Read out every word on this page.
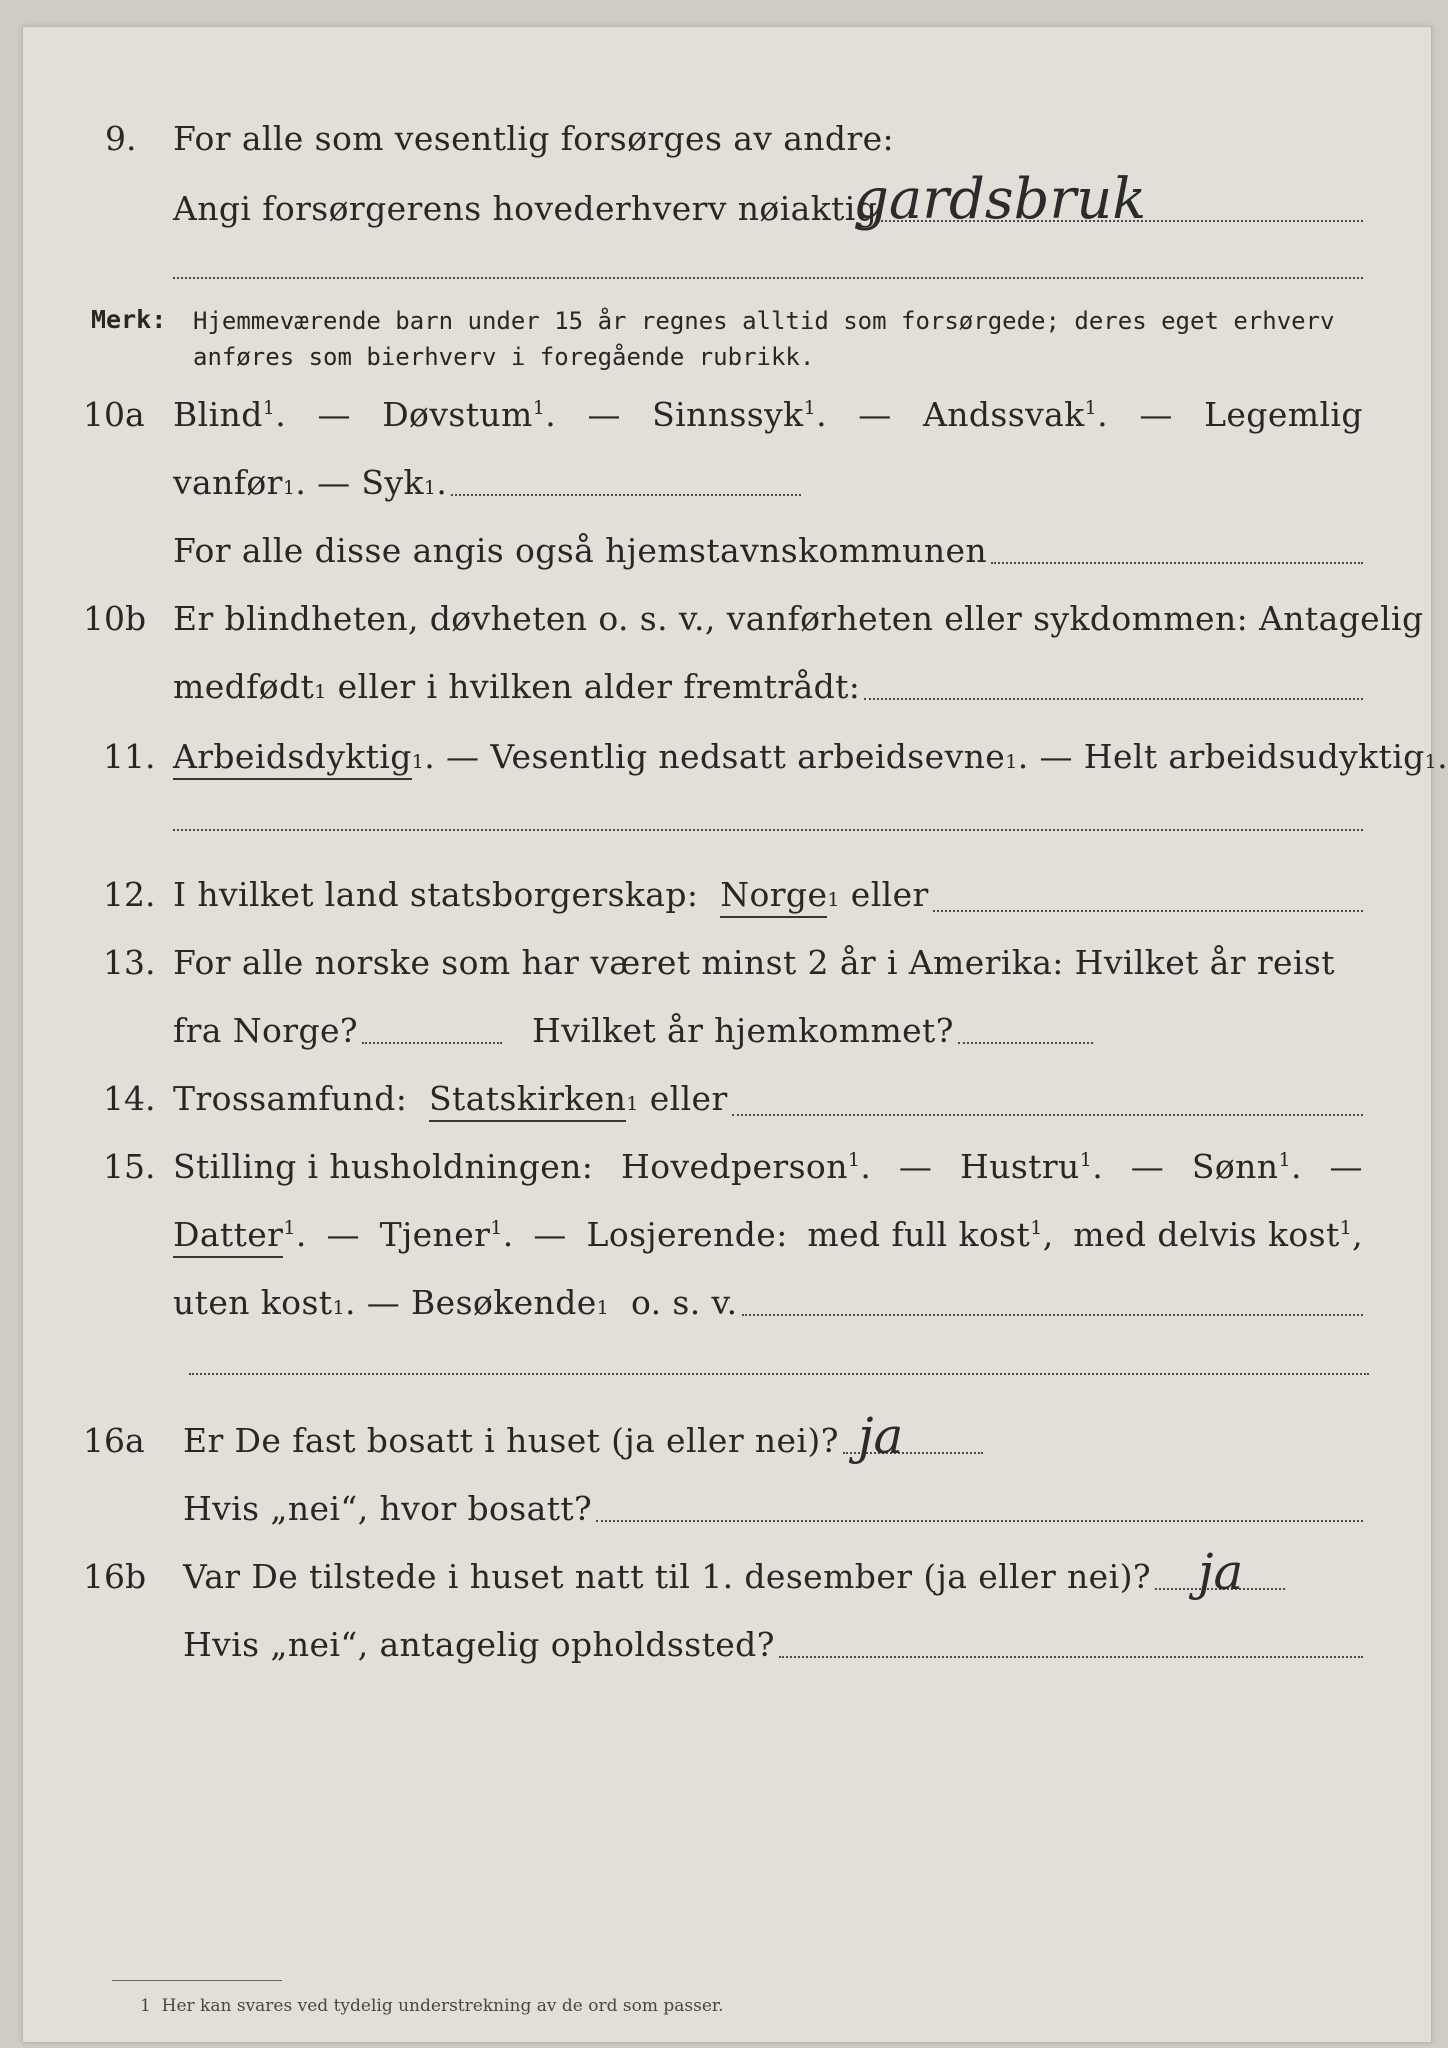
9. For alle som vesentlig forsørges av andre:
Angi forsørgerens hovederhverv nøiaktig
gardsbruk
Merk: Hjemmeværende barn under 15 år regnes alltid som forsørgede; deres eget erhverv
anføres som bierhverv i foregående rubrikk.
10a Blind$^1$. — Døvstum$^1$. — Sinnssyk$^1$. — Andssvak$^1$. — Legemlig
vanfør 1 . — Syk 1 .
For alle disse angis også hjemstavnskommunen
10b Er blindheten, døvheten o. s. v., vanførheten eller sykdommen: Antagelig
medfødt 1
eller i hvilken alder fremtrådt:
11. Arbeidsdyktig 1 . — Vesentlig nedsatt arbeidsevne 1 . — Helt arbeidsudyktig 1 .
12. I hvilket land statsborgerskap:
Norge 1
eller
13. For alle norske som har været minst 2 år i Amerika: Hvilket år reist
fra Norge?	Hvilket år hjemkommet?
14. Trossamfund:
Statskirken 1
eller
15. Stilling i husholdningen: Hovedperson$^1$. — Hustru$^1$. — Sønn$^1$. —
Datter$^1$. — Tjener$^1$. — Losjerende: med full kost$^1$, med delvis kost$^1$,
uten kost 1 . — Besøkende 1
o. s. v.
16a Er De fast bosatt i huset (ja eller nei)? ja
Hvis „nei“, hvor bosatt?
16b Var De tilstede i huset natt til 1. desember (ja eller nei)? ja
Hvis „nei“, antagelig opholdssted?
1 Her kan svares ved tydelig understrekning av de ord som passer.
